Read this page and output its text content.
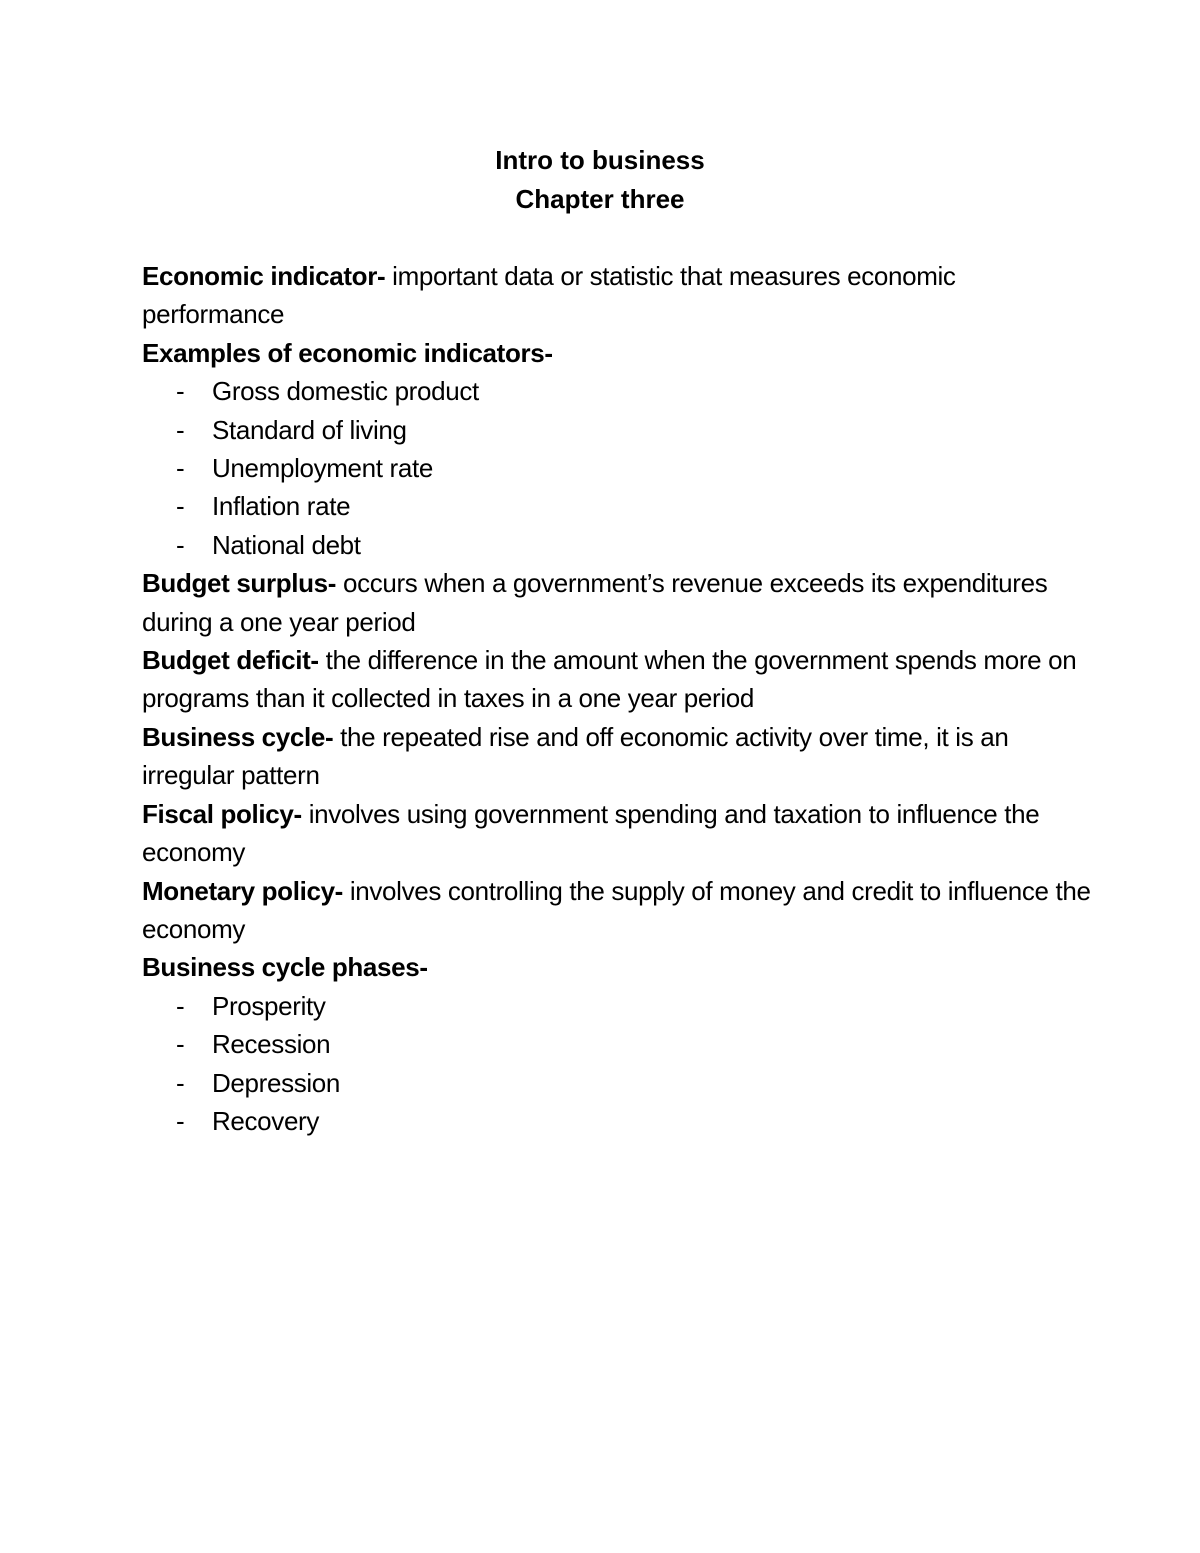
Intro to business
Chapter three

Economic indicator- important data or statistic that measures economic performance

Examples of economic indicators-

- Gross domestic product
- Standard of living
- Unemployment rate
- Inflation rate
- National debt

Budget surplus- occurs when a government’s revenue exceeds its expenditures during a one year period

Budget deficit- the difference in the amount when the government spends more on programs than it collected in taxes in a one year period

Business cycle- the repeated rise and off economic activity over time, it is an irregular pattern

Fiscal policy- involves using government spending and taxation to influence the economy

Monetary policy- involves controlling the supply of money and credit to influence the economy

Business cycle phases-

- Prosperity
- Recession
- Depression
- Recovery
